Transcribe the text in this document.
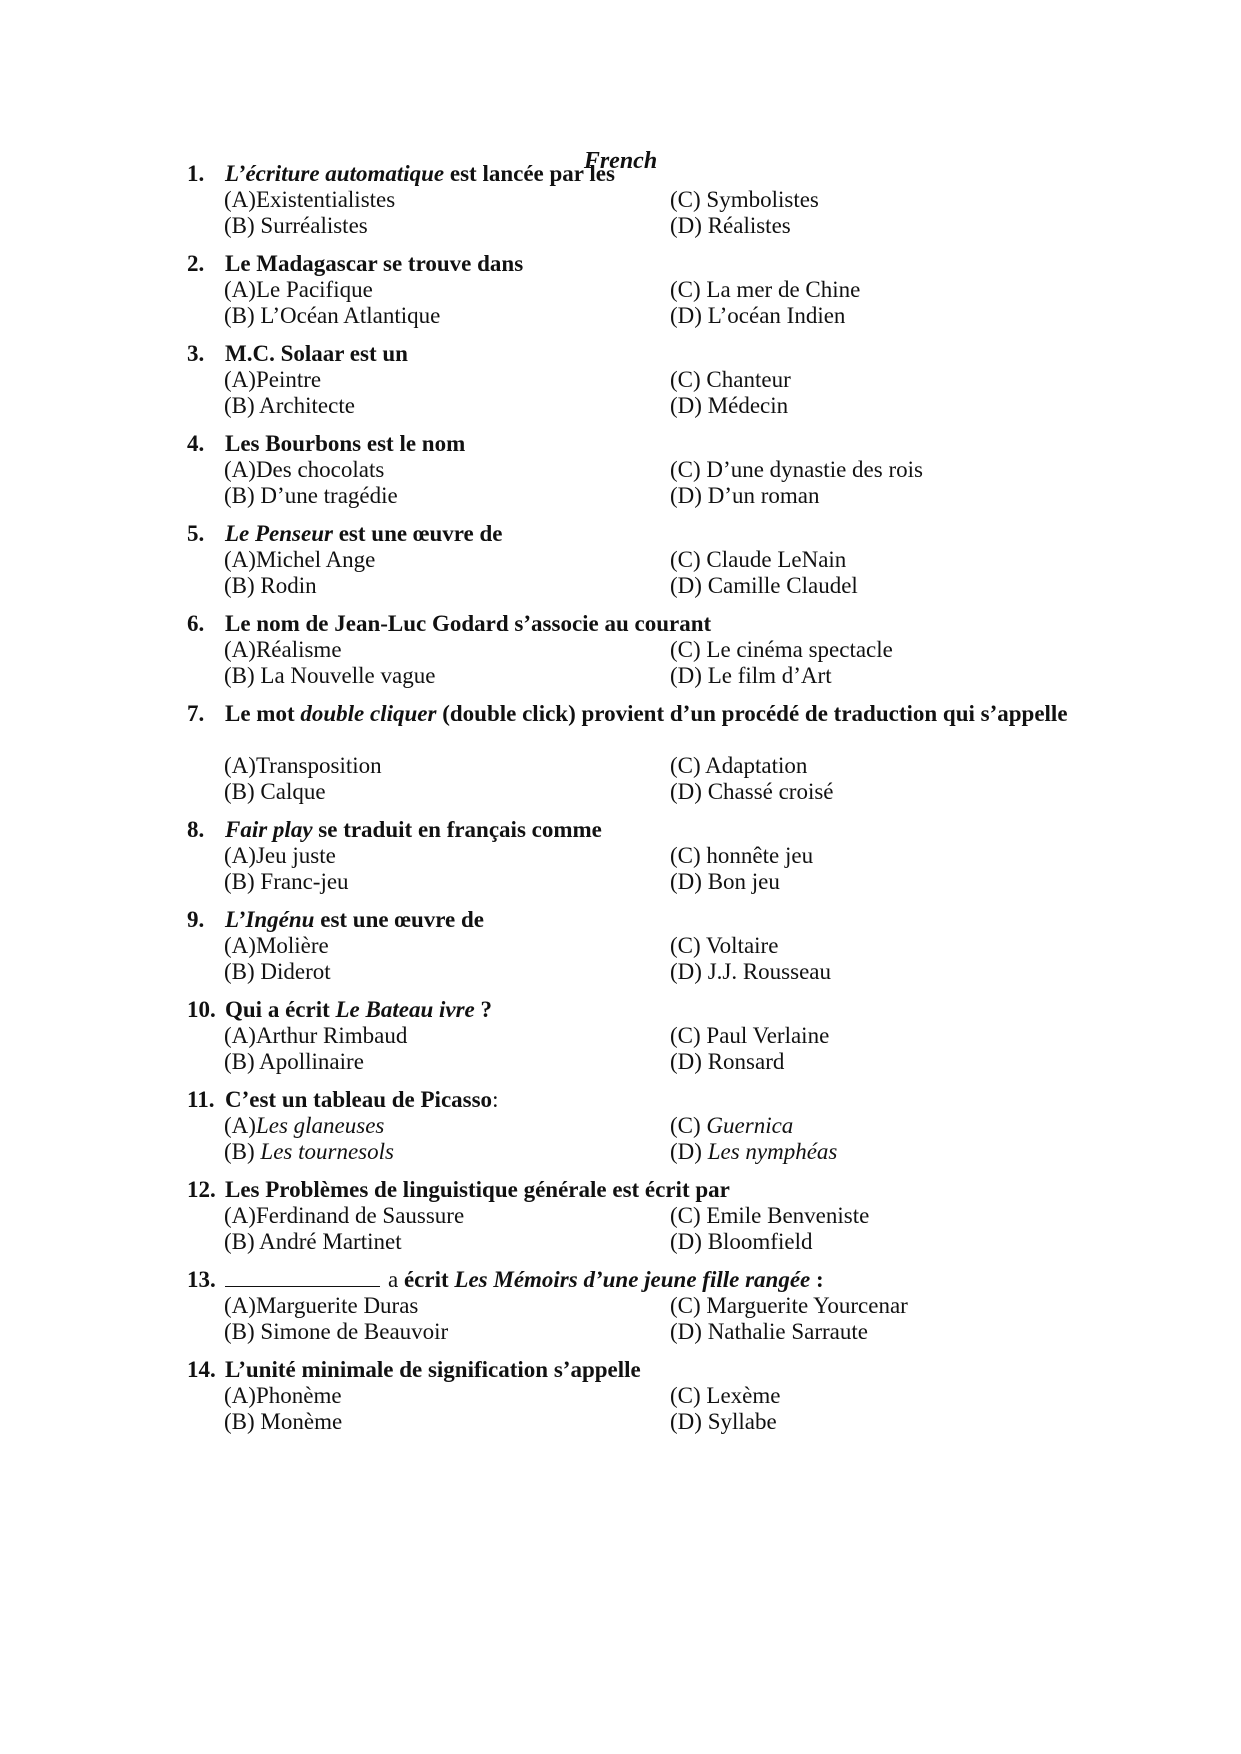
French
1. L’écriture automatique est lancée par les
(A)Existentialistes
(B) Surréalistes
(C) Symbolistes
(D) Réalistes
2. Le Madagascar se trouve dans
(A)Le Pacifique
(B) L’Océan Atlantique
(C) La mer de Chine
(D) L’océan Indien
3. M.C. Solaar est un
(A)Peintre
(B) Architecte
(C) Chanteur
(D) Médecin
4. Les Bourbons est le nom
(A)Des chocolats
(B) D’une tragédie
(C) D’une dynastie des rois
(D) D’un roman
5. Le Penseur est une œuvre de
(A)Michel Ange
(B) Rodin
(C) Claude LeNain
(D) Camille Claudel
6. Le nom de Jean-Luc Godard s’associe au courant
(A)Réalisme
(B) La Nouvelle vague
(C) Le cinéma spectacle
(D) Le film d’Art
7. Le mot double cliquer (double click) provient d’un procédé de traduction qui s’appelle
(A)Transposition
(B) Calque
(C) Adaptation
(D) Chassé croisé
8. Fair play se traduit en français comme
(A)Jeu juste
(B) Franc-jeu
(C) honnête jeu
(D) Bon jeu
9. L’Ingénu est une œuvre de
(A)Molière
(B) Diderot
(C) Voltaire
(D) J.J. Rousseau
10. Qui a écrit Le Bateau ivre ?
(A)Arthur Rimbaud
(B) Apollinaire
(C) Paul Verlaine
(D) Ronsard
11. C’est un tableau de Picasso:
(A)Les glaneuses
(B) Les tournesols
(C) Guernica
(D) Les nymphéas
12. Les Problèmes de linguistique générale est écrit par
(A)Ferdinand de Saussure
(B) André Martinet
(C) Emile Benveniste
(D) Bloomfield
13.	a écrit Les Mémoirs d’une jeune fille rangée :
(A)Marguerite Duras
(B) Simone de Beauvoir
(C) Marguerite Yourcenar
(D) Nathalie Sarraute
14. L’unité minimale de signification s’appelle
(A)Phonème
(B) Monème
(C) Lexème
(D) Syllabe
